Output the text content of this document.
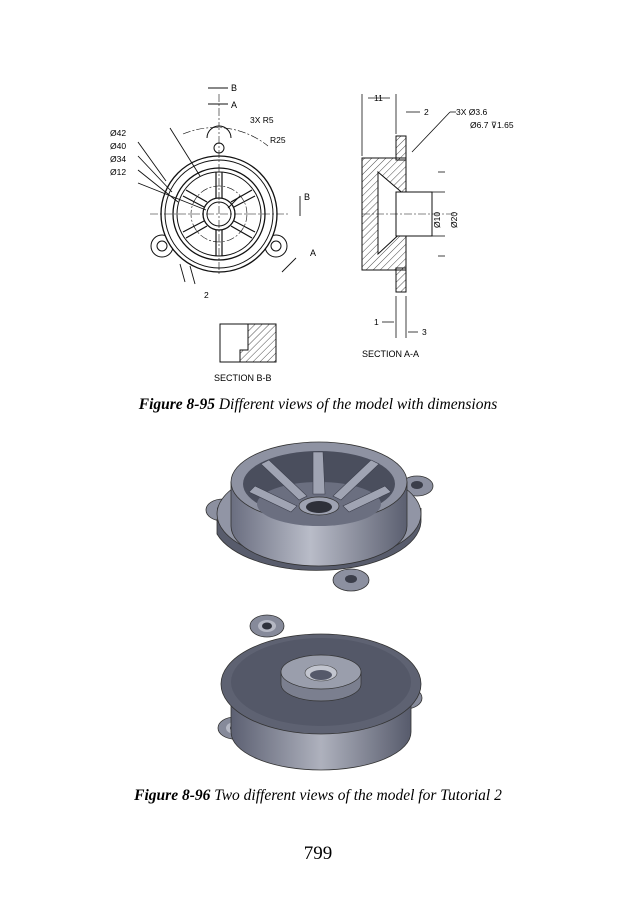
B
A
3X R5
R25
Ø42
Ø40
Ø34
Ø12
B
A
2
11
2	3X Ø3.6
Ø6.7 ⊽1.65
Ø10 Ø20
1
3
SECTION A-A
SECTION B-B
Figure 8-95 Different views of the model with dimensions
Figure 8-96 Two different views of the model for Tutorial 2
799
